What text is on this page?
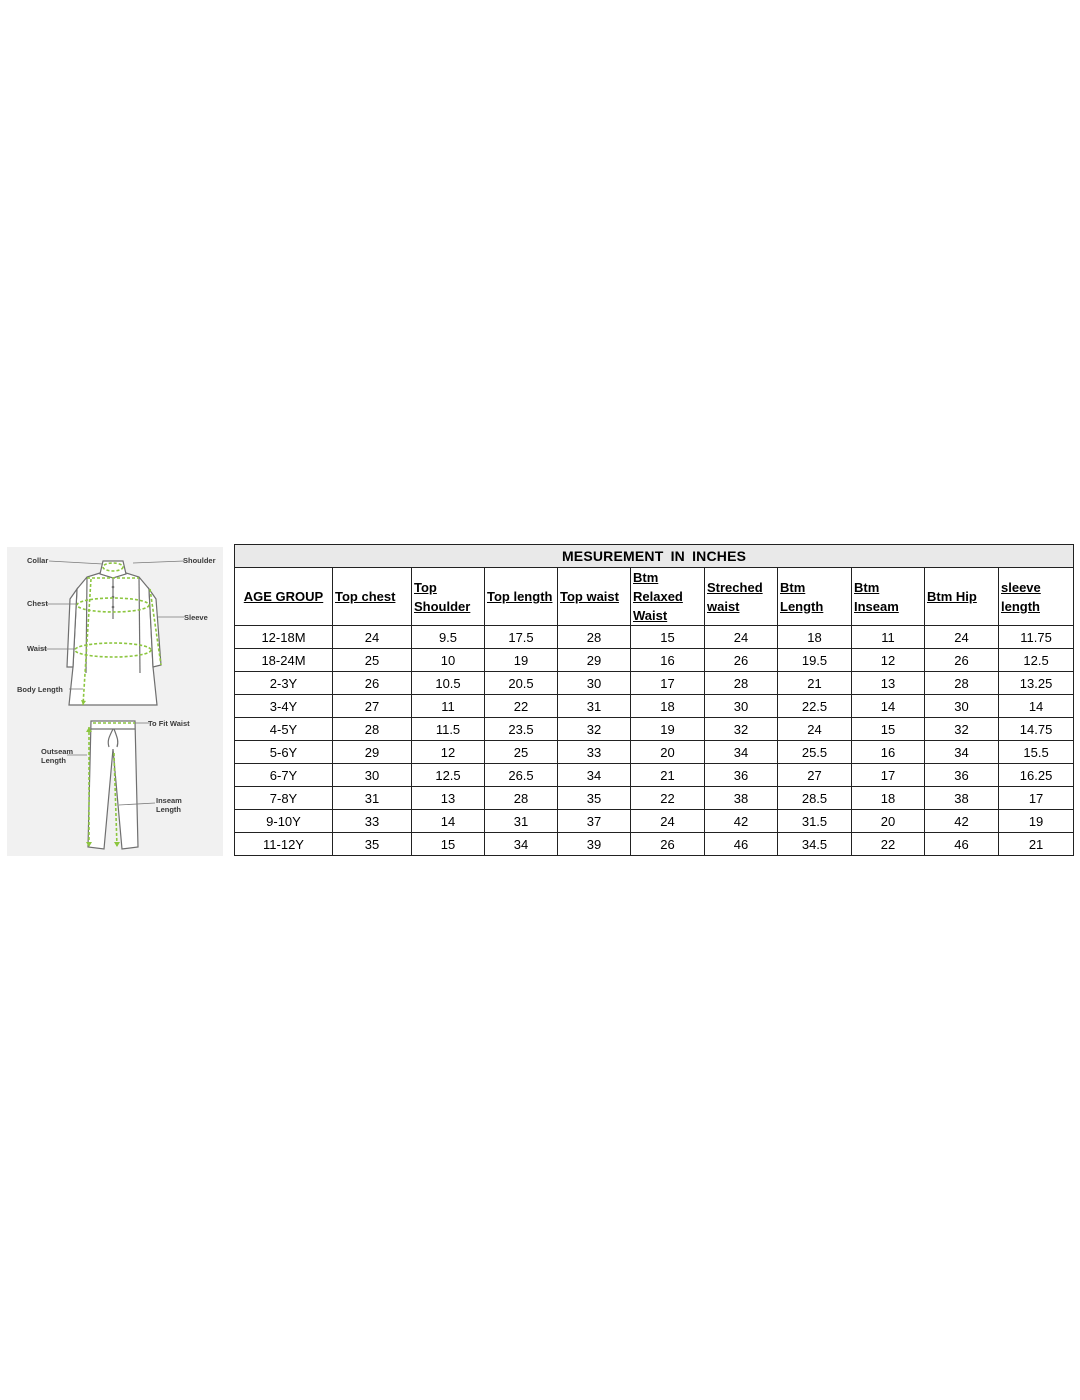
Collar	Shoulder
Chest
Sleeve
Waist
Body Length
To Fit Waist
Outseam
Length
Inseam
Length
MESUREMENT IN INCHES										
AGE GROUP	Top chest	Top Shoulder	Top length	Top waist	Btm Relaxed Waist	Streched waist	Btm Length	Btm Inseam	Btm Hip	sleeve length
12-18M	24	9.5	17.5	28	15	24	18	11	24	11.75
18-24M	25	10	19	29	16	26	19.5	12	26	12.5
2-3Y	26	10.5	20.5	30	17	28	21	13	28	13.25
3-4Y	27	11	22	31	18	30	22.5	14	30	14
4-5Y	28	11.5	23.5	32	19	32	24	15	32	14.75
5-6Y	29	12	25	33	20	34	25.5	16	34	15.5
6-7Y	30	12.5	26.5	34	21	36	27	17	36	16.25
7-8Y	31	13	28	35	22	38	28.5	18	38	17
9-10Y	33	14	31	37	24	42	31.5	20	42	19
11-12Y	35	15	34	39	26	46	34.5	22	46	21
